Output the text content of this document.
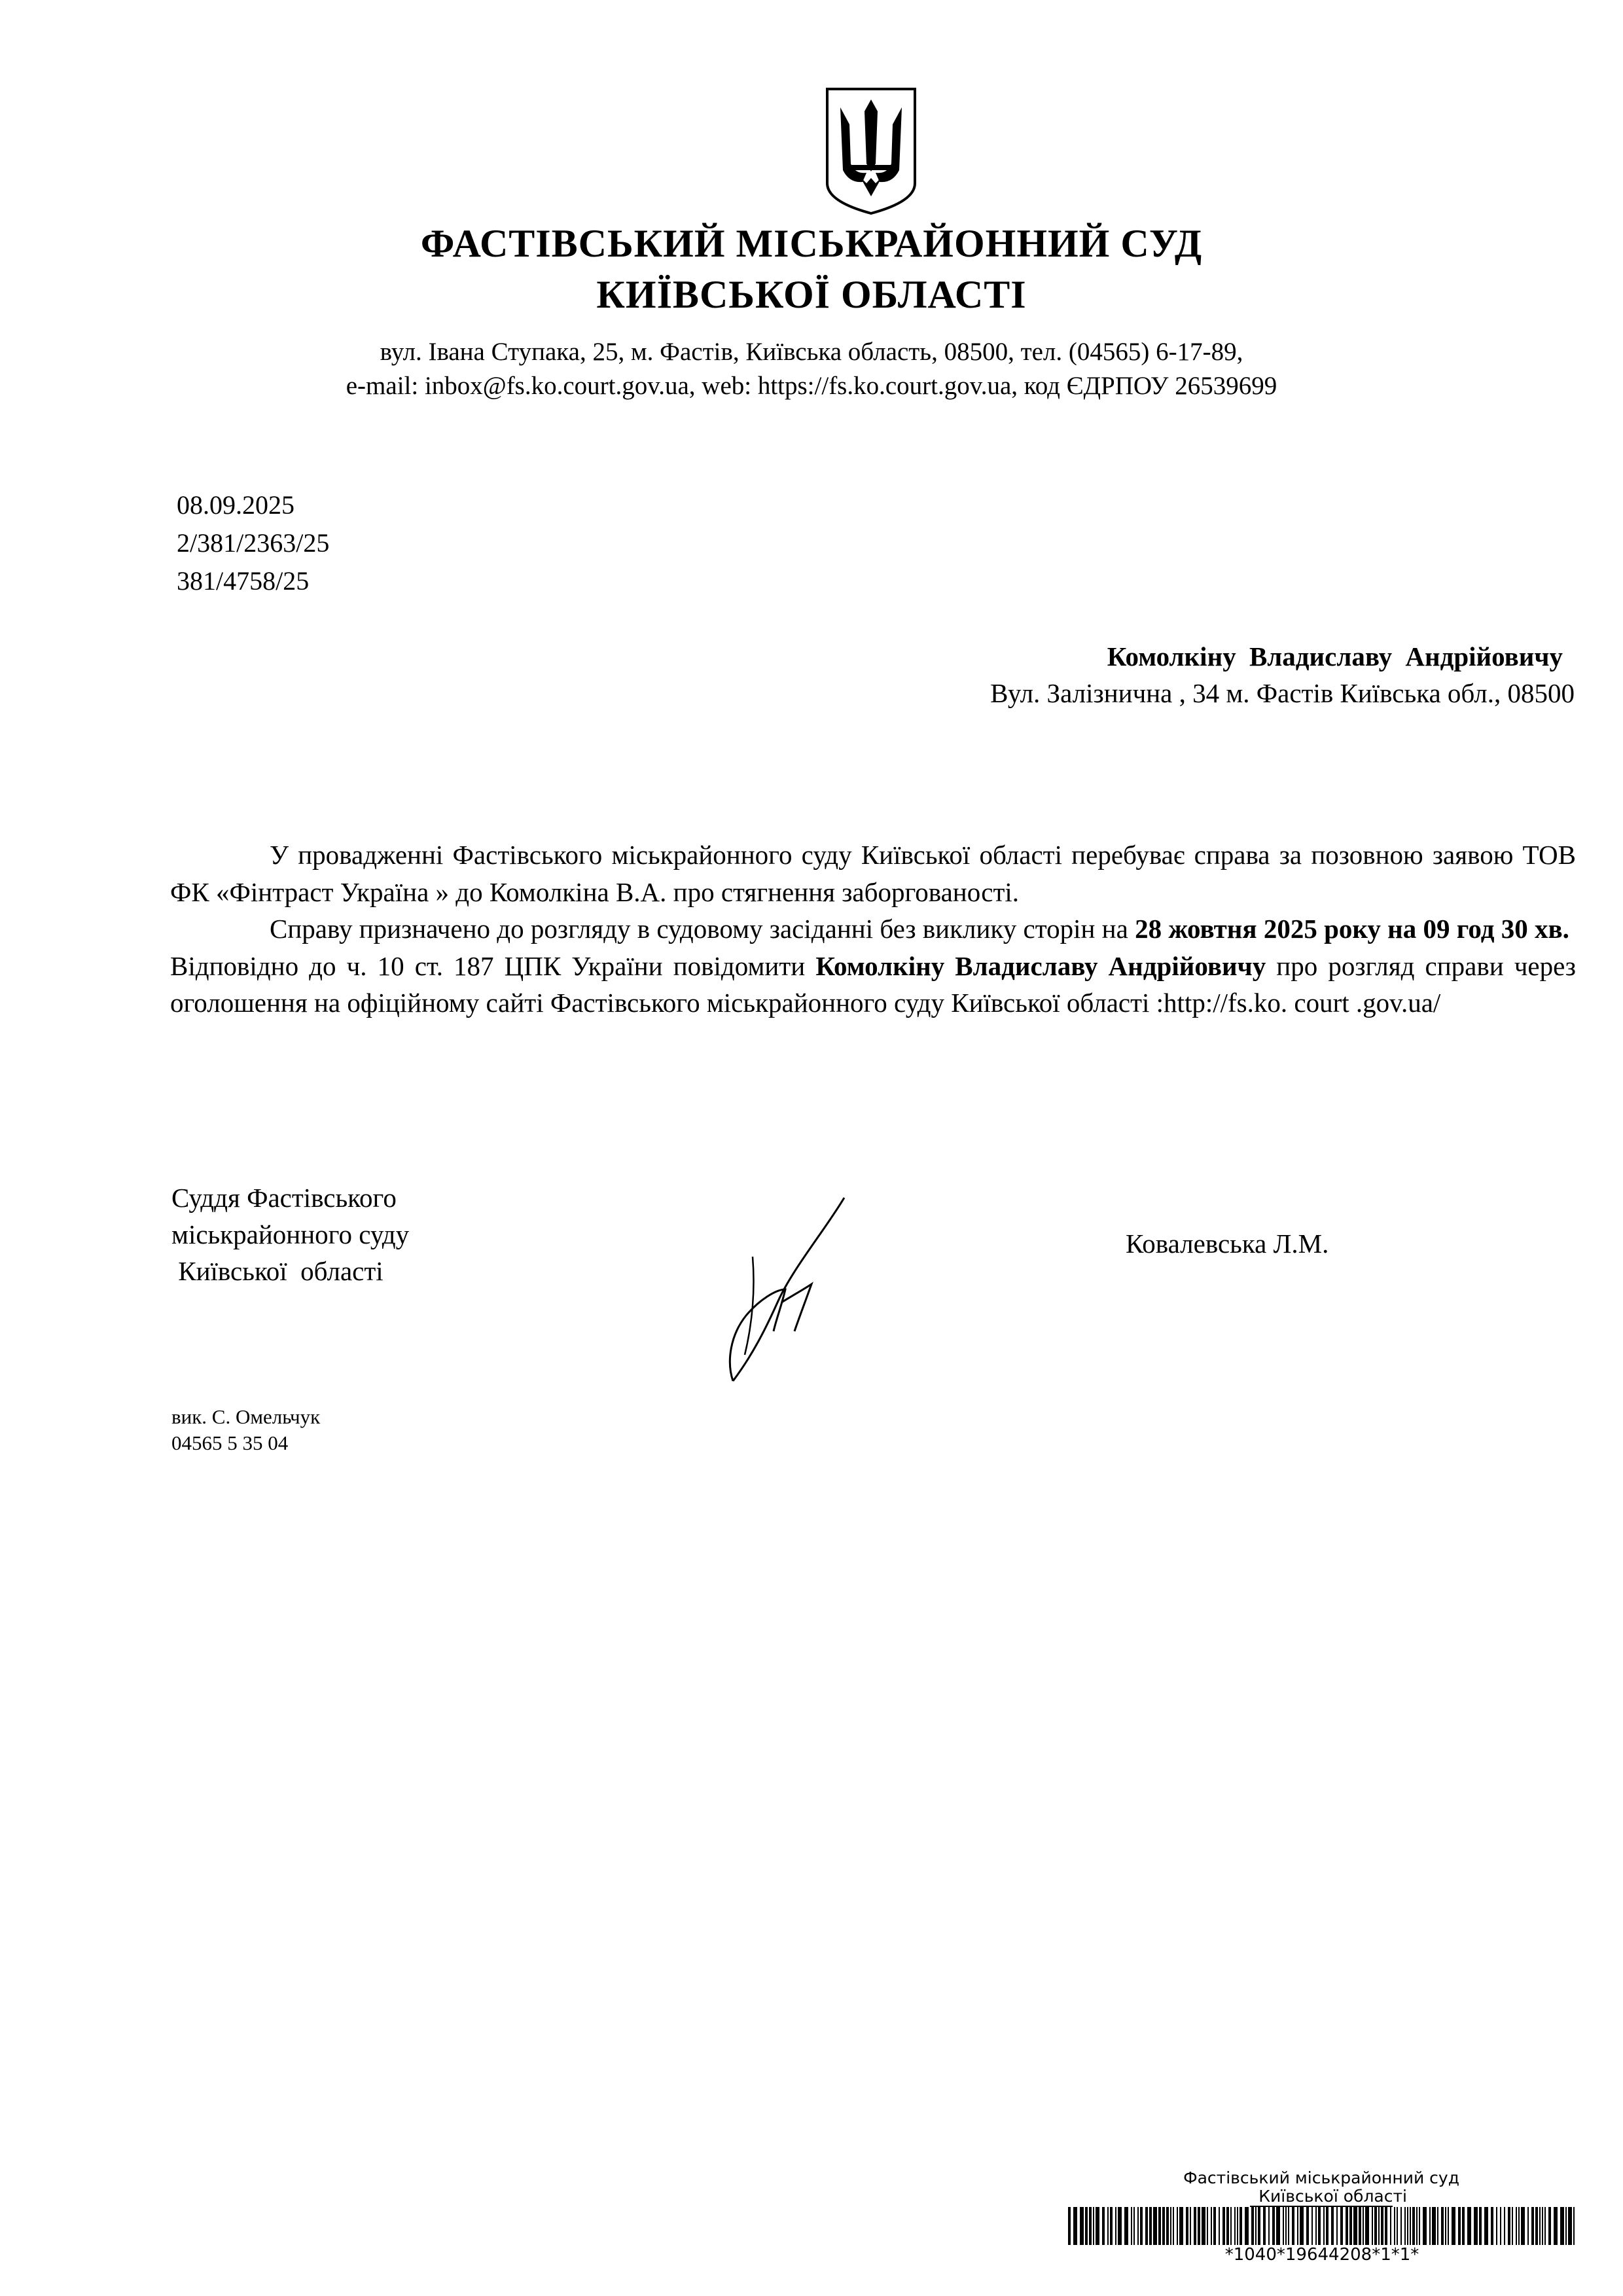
ФАСТІВСЬКИЙ МІСЬКРАЙОННИЙ СУД
КИЇВСЬКОЇ ОБЛАСТІ
вул. Івана Ступака, 25, м. Фастів, Київська область, 08500, тел. (04565) 6-17-89,
e-mail: inbox@fs.ko.court.gov.ua, web: https://fs.ko.court.gov.ua, код ЄДРПОУ 26539699
08.09.2025
2/381/2363/25
381/4758/25
Комолкіну Владиславу Андрійовичу
Вул. Залізнична , 34 м. Фастів Київська обл., 08500

У провадженні Фастівського міськрайонного суду Київської області перебуває справа за позовною заявою ТОВ ФК «Фінтраст Україна » до Комолкіна В.А. про стягнення заборгованості.

Справу призначено до розгляду в судовому засіданні без виклику сторін на 28 жовтня 2025 року на 09 год 30 хв.

Відповідно до ч. 10 ст. 187 ЦПК України повідомити Комолкіну Владиславу Андрійовичу про розгляд справи через оголошення на офіційному сайті Фастівського міськрайонного суду Київської області :http://fs.ko. court .gov.ua/

Суддя Фастівського
міськрайонного суду
Київської  області
Ковалевська Л.М.
вик. С. Омельчук
04565 5 35 04
Фастівський міськрайонний суд
Київської області
*1040*19644208*1*1*
